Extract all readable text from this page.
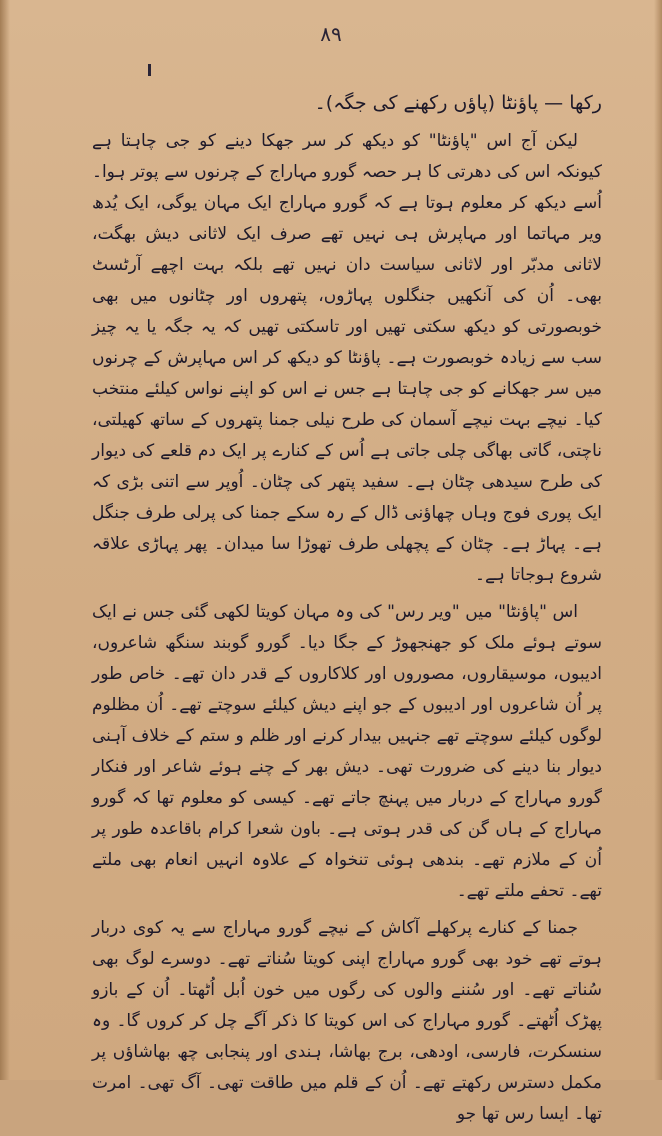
۸۹
رکھا — پاؤنٹا (پاؤں رکھنے کی جگہ)۔

لیکن آج اس "پاؤنٹا" کو دیکھ کر سر جھکا دینے کو جی چاہتا ہے کیونکہ اس کی دھرتی کا ہر حصہ گورو مہاراج کے چرنوں سے پوتر ہوا۔ اُسے دیکھ کر معلوم ہوتا ہے کہ گورو مہاراج ایک مہان یوگی، ایک یُدھ ویر مہاتما اور مہاپرش ہی نہیں تھے صرف ایک لاثانی دیش بھگت، لاثانی مدبّر اور لاثانی سیاست دان نہیں تھے بلکہ بہت اچھے آرٹسٹ بھی۔ اُن کی آنکھیں جنگلوں پہاڑوں، پتھروں اور چٹانوں میں بھی خوبصورتی کو دیکھ سکتی تھیں اور تاسکتی تھیں کہ یہ جگہ یا یہ چیز سب سے زیادہ خوبصورت ہے۔ پاؤنٹا کو دیکھ کر اس مہاپرش کے چرنوں میں سر جھکانے کو جی چاہتا ہے جس نے اس کو اپنے نواس کیلئے منتخب کیا۔ نیچے بہت نیچے آسمان کی طرح نیلی جمنا پتھروں کے ساتھ کھیلتی، ناچتی، گاتی بھاگی چلی جاتی ہے اُس کے کنارے پر ایک دم قلعے کی دیوار کی طرح سیدھی چٹان ہے۔ سفید پتھر کی چٹان۔ اُوپر سے اتنی بڑی کہ ایک پوری فوج وہاں چھاؤنی ڈال کے رہ سکے جمنا کی پرلی طرف جنگل ہے۔ پہاڑ ہے۔ چٹان کے پچھلی طرف تھوڑا سا میدان۔ پھر پہاڑی علاقہ شروع ہوجاتا ہے۔

اس "پاؤنٹا" میں "ویر رس" کی وہ مہان کویتا لکھی گئی جس نے ایک سوتے ہوئے ملک کو جھنجھوڑ کے جگا دیا۔ گورو گوبند سنگھ شاعروں، ادیبوں، موسیقاروں، مصوروں اور کلاکاروں کے قدر دان تھے۔ خاص طور پر اُن شاعروں اور ادیبوں کے جو اپنے دیش کیلئے سوچتے تھے۔ اُن مظلوم لوگوں کیلئے سوچتے تھے جنہیں بیدار کرنے اور ظلم و ستم کے خلاف آہنی دیوار بنا دینے کی ضرورت تھی۔ دیش بھر کے چنے ہوئے شاعر اور فنکار گورو مہاراج کے دربار میں پہنچ جاتے تھے۔ کیسی کو معلوم تھا کہ گورو مہاراج کے ہاں گن کی قدر ہوتی ہے۔ باون شعرا کرام باقاعدہ طور پر اُن کے ملازم تھے۔ بندھی ہوئی تنخواہ کے علاوہ انہیں انعام بھی ملتے تھے۔ تحفے ملتے تھے۔

جمنا کے کنارے پرکھلے آکاش کے نیچے گورو مہاراج سے یہ کوی دربار ہوتے تھے خود بھی گورو مہاراج اپنی کویتا سُناتے تھے۔ دوسرے لوگ بھی سُناتے تھے۔ اور سُننے والوں کی رگوں میں خون اُبل اُٹھتا۔ اُن کے بازو پھڑک اُٹھتے۔ گورو مہاراج کی اس کویتا کا ذکر آگے چل کر کروں گا۔ وہ سنسکرت، فارسی، اودھی، برج بھاشا، ہندی اور پنجابی چھ بھاشاؤں پر مکمل دسترس رکھتے تھے۔ اُن کے قلم میں طاقت تھی۔ آگ تھی۔ امرت تھا۔ ایسا رس تھا جو
